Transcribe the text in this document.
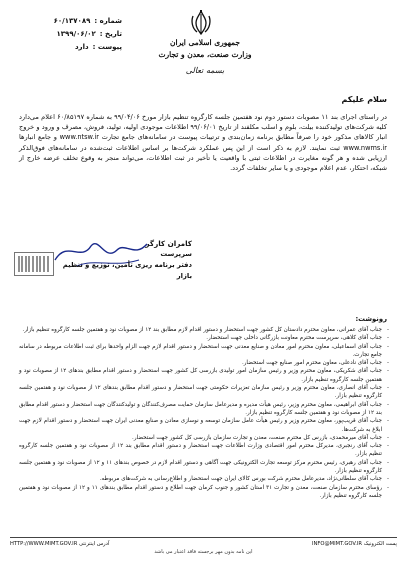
جمهوری اسلامی ایران
وزارت صنعت، معدن و تجارت
بسمه تعالی
شماره :
۶۰/۱۳۷۰۸۹
تاریخ :
۱۳۹۹/۰۶/۰۲
پیوست :
دارد
سلام علیکم

در راستای اجرای بند ۱۱ مصوبات دستور دوم نود هفتمین جلسه کارگروه تنظیم بازار مورخ ۹۹/۰۴/۰۶ به شماره ۶۰/۸۵۱۹۷ اعلام می‌دارد کلیه شرکت‌های تولیدکننده بیلت، بلوم و اسلب مکلفند از تاریخ ۹۹/۰۶/۰۱ اطلاعات موجودی اولیه، تولید، فروش، مصرف و ورود و خروج انبار کالاهای مذکور خود را صرفاً مطابق برنامه زمان‌بندی و ترتیبات پیوست در سامانه‌های جامع تجارت www.ntsw.ir و جامع انبارها www.nwms.ir ثبت نمایند. لازم به ذکر است از این پس عملکرد شرکت‌ها بر اساس اطلاعات ثبت‌شده در سامانه‌های فوق‌الذکر ارزیابی شده و هر گونه مغایرت در اطلاعات ثبتی با واقعیت یا تأخیر در ثبت اطلاعات، می‌تواند منجر به وقوع تخلف عرضه خارج از شبکه، احتکار، عدم اعلام موجودی و یا سایر تخلفات گردد.

کامران کارگر
سرپرست
دفتر برنامه ریزی تأمین، توزیع و تنظیم بازار
رونوشت:
- جناب آقای عمرانی، معاون محترم دادستان کل کشور جهت استحضار و دستور اقدام لازم مطابق بند ۱۲ از مصوبات نود و هفتمین جلسه کارگروه تنظیم بازار.
- جناب آقای کلاهی، سرپرست محترم معاونت بازرگانی داخلی جهت استحضار.
- جناب آقای اسماعیلی، معاون محترم امور معادن و صنایع معدنی جهت استحضار و دستور اقدام لازم جهت الزام واحدها برای ثبت اطلاعات مربوطه در سامانه جامع تجارت.
- جناب آقای نادعلی، معاون محترم امور صنایع جهت استحضار.
- جناب آقای شکریکی، معاون محترم وزیر و رئیس سازمان امور تولیدی بازرسی کل کشور جهت استحضار و دستور اقدام مطابق بندهای ۱۲ از مصوبات نود و هفتمین جلسه کارگروه تنظیم بازار.
- جناب آقای انصاری، معاون محترم وزیر و رئیس سازمان تعزیرات حکومتی جهت استحضار و دستور اقدام مطابق بندهای ۱۲ از مصوبات نود و هفتمین جلسه کارگروه تنظیم بازار.
- جناب آقای ابراهیمی، معاون محترم وزیر، رئیس هیأت مدیره و مدیرعامل سازمان حمایت مصرف‌کنندگان و تولیدکنندگان جهت استحضار و دستور اقدام مطابق بند ۱۲ از مصوبات نود و هفتمین جلسه کارگروه تنظیم بازار.
- جناب آقای قریب‌پور، معاون محترم وزیر و رئیس هیأت عامل سازمان توسعه و نوسازی معادن و صنایع معدنی ایران جهت استحضار و دستور اقدام لازم جهت ابلاغ به شرکت‌ها.
- جناب آقای میرمحمدی، بازرس کل محترم صنعت، معدن و تجارت سازمان بازرسی کل کشور جهت استحضار.
- جناب آقای رنجبری، مدیرکل محترم امور اقتصادی وزارت اطلاعات جهت استحضار و دستور اقدام مطابق بند ۱۲ از مصوبات نود و هفتمین جلسه کارگروه تنظیم بازار.
- جناب آقای رهبری، رئیس محترم مرکز توسعه تجارت الکترونیکی جهت آگاهی و دستور اقدام لازم در خصوص بندهای ۱۱ و ۱۲ از مصوبات نود و هفتمین جلسه کارگروه تنظیم بازار.
- جناب آقای سلطانی‌نژاد، مدیرعامل محترم شرکت بورس کالای ایران جهت استحضار و اطلاع‌رسانی به شرکت‌های مربوطه.
- رؤسای محترم سازمان صنعت، معدن و تجارت ۳۱ استان کشور و جنوب کرمان جهت اطلاع و دستور اقدام مطابق بندهای ۱۱ و ۱۲ از مصوبات نود و هفتمین جلسه کارگروه تنظیم بازار.
پست الکترونیک INFO@MIMT.GOV.IR
آدرس اینترنتی HTTP://WWW.MIMT.GOV.IR
این نامه بدون مهر برجسته فاقد اعتبار می باشد
